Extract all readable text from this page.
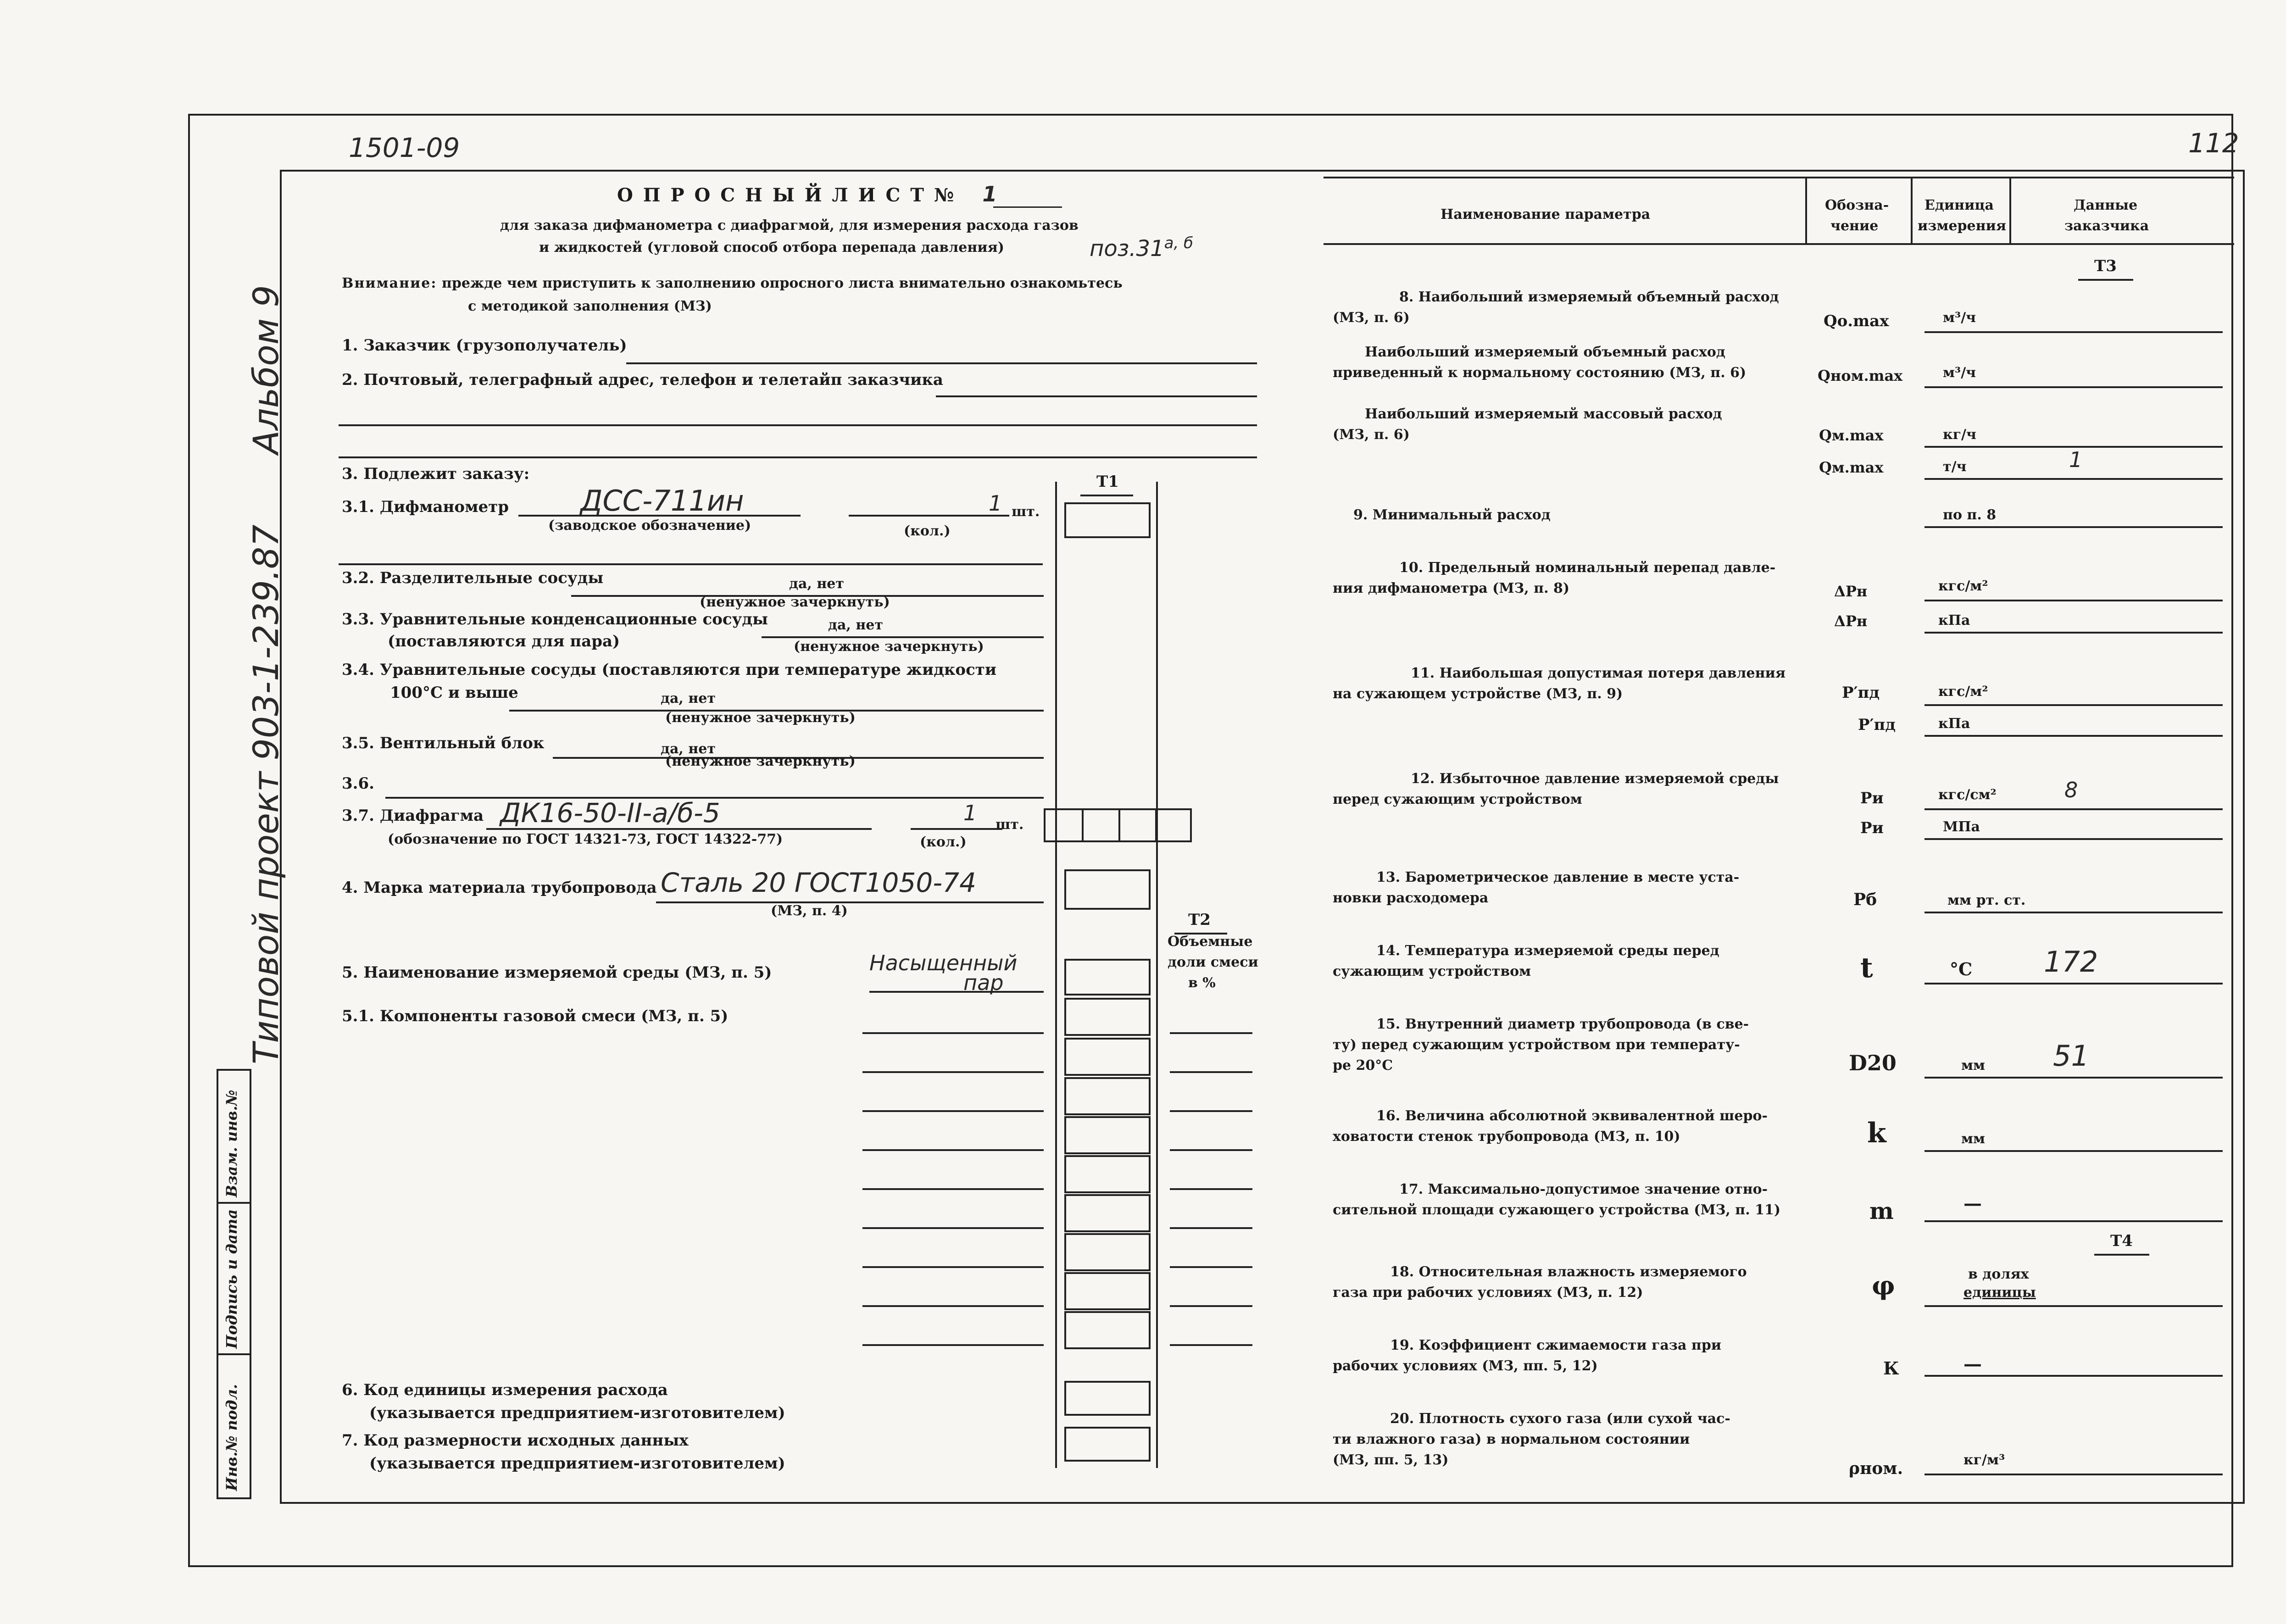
Инв.№ подл.
Подпись и дата
Взам. инв.№
Типовой проект 903-1-239.87
Альбом 9
1501-09	112
О П Р О С Н Ы Й Л И С Т № 1
для заказа дифманометра с диафрагмой, для измерения расхода газов
и жидкостей (угловой способ отбора перепада давления)	$поз.31^{а, б}$
Внимание: прежде чем приступить к заполнению опросного листа внимательно ознакомьтесь
с методикой заполнения (МЗ)
1. Заказчик (грузополучатель)
2. Почтовый, телеграфный адрес, телефон и телетайп заказчика
3. Подлежит заказу:	Т1
3.1. Дифманометр	ДСС-711ин
(заводское обозначение)
1 шт.
(кол.)
3.2. Разделительные сосуды	да, нет
(ненужное зачеркнуть)
3.3. Уравнительные конденсационные сосуды
(поставляются для пара)
да, нет
(ненужное зачеркнуть)
3.4. Уравнительные сосуды (поставляются при температуре жидкости
100°С и выше	да, нет
(ненужное зачеркнуть)
3.5. Вентильный блок	да, нет
(ненужное зачеркнуть)
3.6.
3.7. Диафрагма ДК16-50-II-а/б-5	1 шт.
(обозначение по ГОСТ 14321-73, ГОСТ 14322-77)	(кол.)
4. Марка материала трубопровода Сталь 20 ГОСТ1050-74
(МЗ, п. 4)	Т2
Объемные
доли смеси
в %
5. Наименование измеряемой среды (МЗ, п. 5)	Насыщенный
пар
5.1. Компоненты газовой смеси (МЗ, п. 5)
6. Код единицы измерения расхода
(указывается предприятием-изготовителем)
7. Код размерности исходных данных
(указывается предприятием-изготовителем)
Наименование параметра
Обозна-
чение
Единица
измерения
Данные
заказчика
Т3
8. Наибольший измеряемый объемный расход
(МЗ, п. 6)	Qо.max	м³/ч
Наибольший измеряемый объемный расход
приведенный к нормальному состоянию (МЗ, п. 6)	Qном.max	м³/ч
Наибольший измеряемый массовый расход
(МЗ, п. 6)	Qм.max	кг/ч
Qм.max	т/ч	1
9. Минимальный расход	по п. 8
10. Предельный номинальный перепад давле-
ния дифманометра (МЗ, п. 8)	ΔРн	кгс/м²
ΔРн	кПа
11. Наибольшая допустимая потеря давления
на сужающем устройстве (МЗ, п. 9)	Р′пд	кгс/м²
Р′пд	кПа
12. Избыточное давление измеряемой среды
перед сужающим устройством	Ри	кгс/см²	8
Ри	МПа
13. Барометрическое давление в месте уста-
новки расходомера	Рб	мм рт. ст.
14. Температура измеряемой среды перед
сужающим устройством	t	°С	172
15. Внутренний диаметр трубопровода (в све-
ту) перед сужающим устройством при температу-
ре 20°С	D20	мм 51
16. Величина абсолютной эквивалентной шеро-
ховатости стенок трубопровода (МЗ, п. 10)	k	мм
17. Максимально-допустимое значение отно-
сительной площади сужающего устройства (МЗ, п. 11)	m	—
Т4
18. Относительная влажность измеряемого
газа при рабочих условиях (МЗ, п. 12)	φ	в долях
единицы
19. Коэффициент сжимаемости газа при
рабочих условиях (МЗ, пп. 5, 12)	К	—
20. Плотность сухого газа (или сухой час-
ти влажного газа) в нормальном состоянии
(МЗ, пп. 5, 13)	ρном.	кг/м³
